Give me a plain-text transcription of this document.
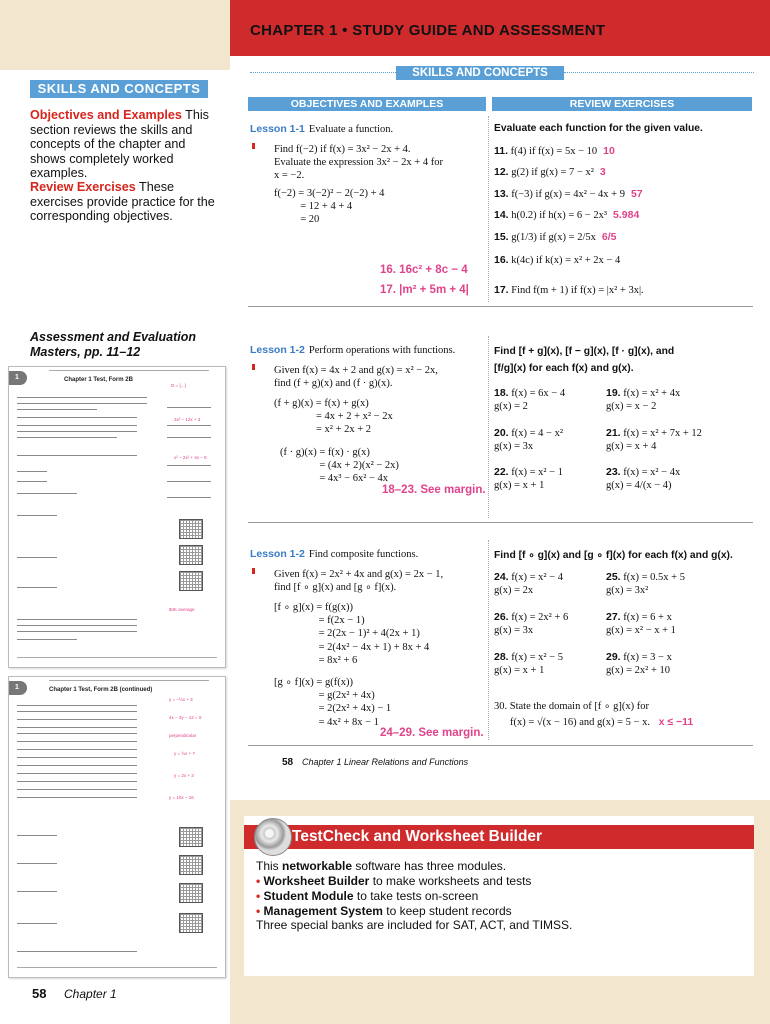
SKILLS AND CONCEPTS
Objectives and Examples This section reviews the skills and concepts of the chapter and shows completely worked examples.
Review Exercises These exercises provide practice for the corresponding objectives.
Assessment and Evaluation Masters, pp. 11–12
1	Chapter 1 Test, Form 2B
D = {...}
3x² − 12x + 3
x² − 2x² + 4x − 8
$4K average
1	Chapter 1 Test, Form 2B (continued)
y = −½x + 3
4x − 3y − 12 = 0
perpendicular
y = ½x + 7
y = 2x + 3
y = 10x − 16
58 Chapter 1
CHAPTER 1 • STUDY GUIDE AND ASSESSMENT
SKILLS AND CONCEPTS
OBJECTIVES AND EXAMPLES	REVIEW EXERCISES
Lesson 1-1 Evaluate a function.
Find f(−2) if f(x) = 3x² − 2x + 4.
Evaluate the expression 3x² − 2x + 4 for
x = −2.
f(−2) = 3(−2)² − 2(−2) + 4
= 12 + 4 + 4
= 20
16. 16c² + 8c − 4
17. |m² + 5m + 4|
Evaluate each function for the given value.
11. f(4) if f(x) = 5x − 10 10
12. g(2) if g(x) = 7 − x² 3
13. f(−3) if g(x) = 4x² − 4x + 9 57
14. h(0.2) if h(x) = 6 − 2x³ 5.984
15. g(1/3) if g(x) = 2/5x 6/5
16. k(4c) if k(x) = x² + 2x − 4
17. Find f(m + 1) if f(x) = |x² + 3x|.
Lesson 1-2 Perform operations with functions.
Given f(x) = 4x + 2 and g(x) = x² − 2x,
find (f + g)(x) and (f · g)(x).
(f + g)(x) = f(x) + g(x)
= 4x + 2 + x² − 2x
= x² + 2x + 2
(f · g)(x) = f(x) · g(x)
= (4x + 2)(x² − 2x)
= 4x³ − 6x² − 4x
18–23. See margin.
Find [f + g](x), [f − g](x), [f · g](x), and
[f/g](x) for each f(x) and g(x).
18. f(x) = 6x − 4
g(x) = 2
19. f(x) = x² + 4x
g(x) = x − 2
20. f(x) = 4 − x²
g(x) = 3x
21. f(x) = x² + 7x + 12
g(x) = x + 4
22. f(x) = x² − 1
g(x) = x + 1
23. f(x) = x² − 4x
g(x) = 4/(x − 4)
Lesson 1-2 Find composite functions.
Given f(x) = 2x² + 4x and g(x) = 2x − 1,
find [f ∘ g](x) and [g ∘ f](x).
[f ∘ g](x) = f(g(x))
= f(2x − 1)
= 2(2x − 1)² + 4(2x + 1)
= 2(4x² − 4x + 1) + 8x + 4
= 8x² + 6
[g ∘ f](x) = g(f(x))
= g(2x² + 4x)
= 2(2x² + 4x) − 1
= 4x² + 8x − 1
24–29. See margin.
Find [f ∘ g](x) and [g ∘ f](x) for each f(x) and g(x).
24. f(x) = x² − 4
g(x) = 2x
25. f(x) = 0.5x + 5
g(x) = 3x²
26. f(x) = 2x² + 6
g(x) = 3x
27. f(x) = 6 + x
g(x) = x² − x + 1
28. f(x) = x² − 5
g(x) = x + 1
29. f(x) = 3 − x
g(x) = 2x² + 10
30. State the domain of [f ∘ g](x) for
f(x) = √(x − 16) and g(x) = 5 − x. x ≤ −11
58 Chapter 1 Linear Relations and Functions
TestCheck and Worksheet Builder
This networkable software has three modules.
• Worksheet Builder to make worksheets and tests
• Student Module to take tests on-screen
• Management System to keep student records
Three special banks are included for SAT, ACT, and TIMSS.
